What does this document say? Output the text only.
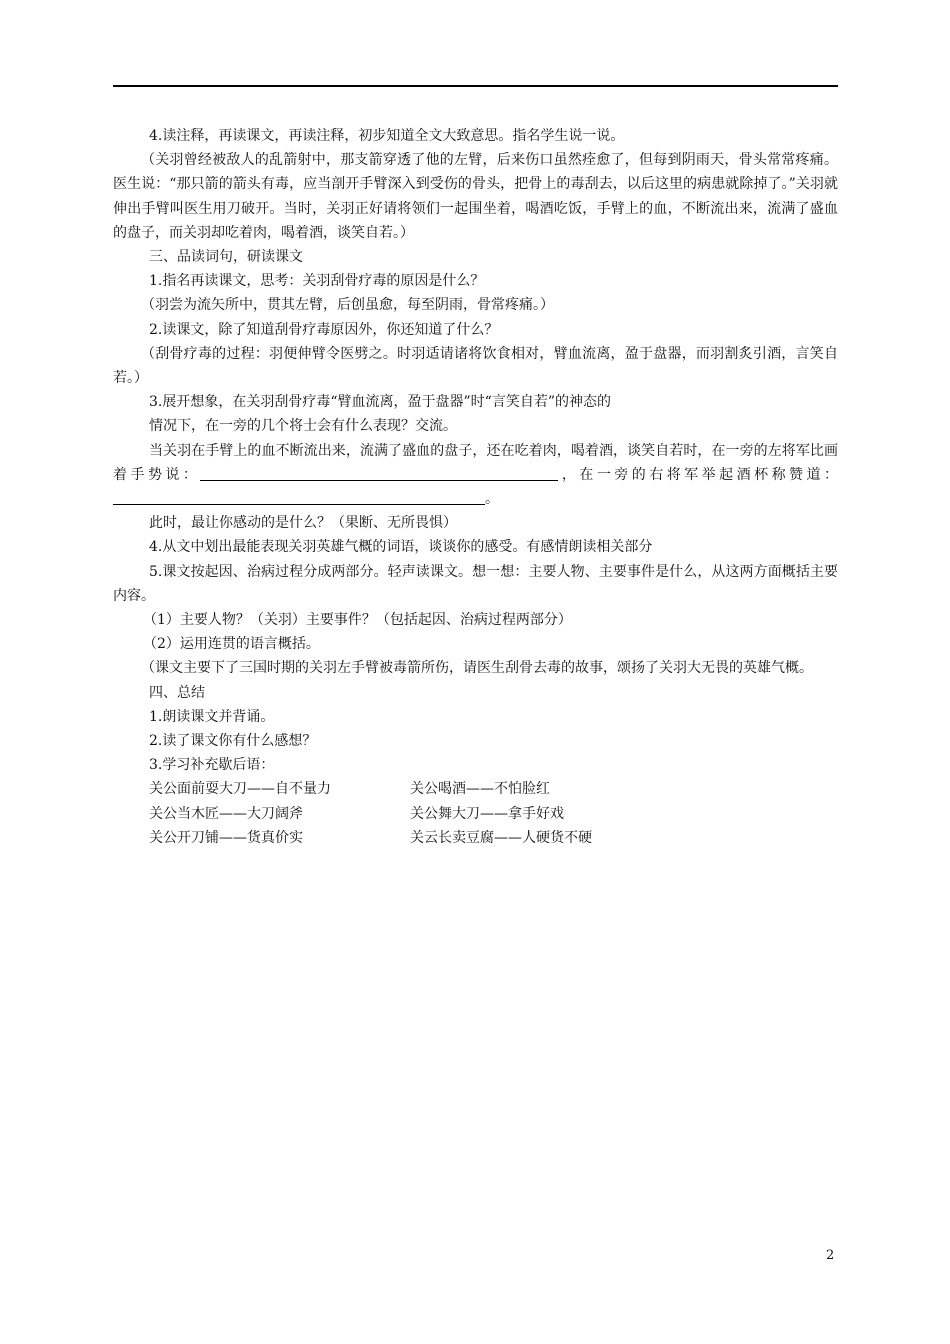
4.读注释，再读课文，再读注释，初步知道全文大致意思。指名学生说一说。

（关羽曾经被敌人的乱箭射中，那支箭穿透了他的左臂，后来伤口虽然痊愈了，但每到阴雨天，骨头常常疼痛。医生说：“那只箭的箭头有毒，应当剖开手臂深入到受伤的骨头，把骨上的毒刮去，以后这里的病患就除掉了。”关羽就伸出手臂叫医生用刀破开。当时，关羽正好请将领们一起围坐着，喝酒吃饭，手臂上的血，不断流出来，流满了盛血的盘子，而关羽却吃着肉，喝着酒，谈笑自若。）

三、品读词句，研读课文

1.指名再读课文，思考：关羽刮骨疗毒的原因是什么？

（羽尝为流矢所中，贯其左臂，后创虽愈，每至阴雨，骨常疼痛。）

2.读课文，除了知道刮骨疗毒原因外，你还知道了什么？

（刮骨疗毒的过程：羽便伸臂令医劈之。时羽适请诸将饮食相对，臂血流离，盈于盘器，而羽割炙引酒，言笑自若。）

3.展开想象，在关羽刮骨疗毒“臂血流离，盈于盘器”时“言笑自若”的神态的

情况下，在一旁的几个将士会有什么表现？交流。

当关羽在手臂上的血不断流出来，流满了盛血的盘子，还在吃着肉，喝着酒，谈笑自若时，在一旁的左将军比画着手势说：	，在一旁的右将军举起酒杯称赞道：。

此时，最让你感动的是什么？（果断、无所畏惧）

4.从文中划出最能表现关羽英雄气概的词语，谈谈你的感受。有感情朗读相关部分

5.课文按起因、治病过程分成两部分。轻声读课文。想一想：主要人物、主要事件是什么，从这两方面概括主要内容。

（1）主要人物？（关羽）主要事件？（包括起因、治病过程两部分）

（2）运用连贯的语言概括。

（课文主要下了三国时期的关羽左手臂被毒箭所伤，请医生刮骨去毒的故事，颂扬了关羽大无畏的英雄气概。

四、总结

1.朗读课文并背诵。

2.读了课文你有什么感想？

3.学习补充歇后语：

关公面前耍大刀——自不量力	关公喝酒——不怕脸红

关公当木匠——大刀阔斧	关公舞大刀——拿手好戏

关公开刀铺——货真价实	关云长卖豆腐——人硬货不硬

2
